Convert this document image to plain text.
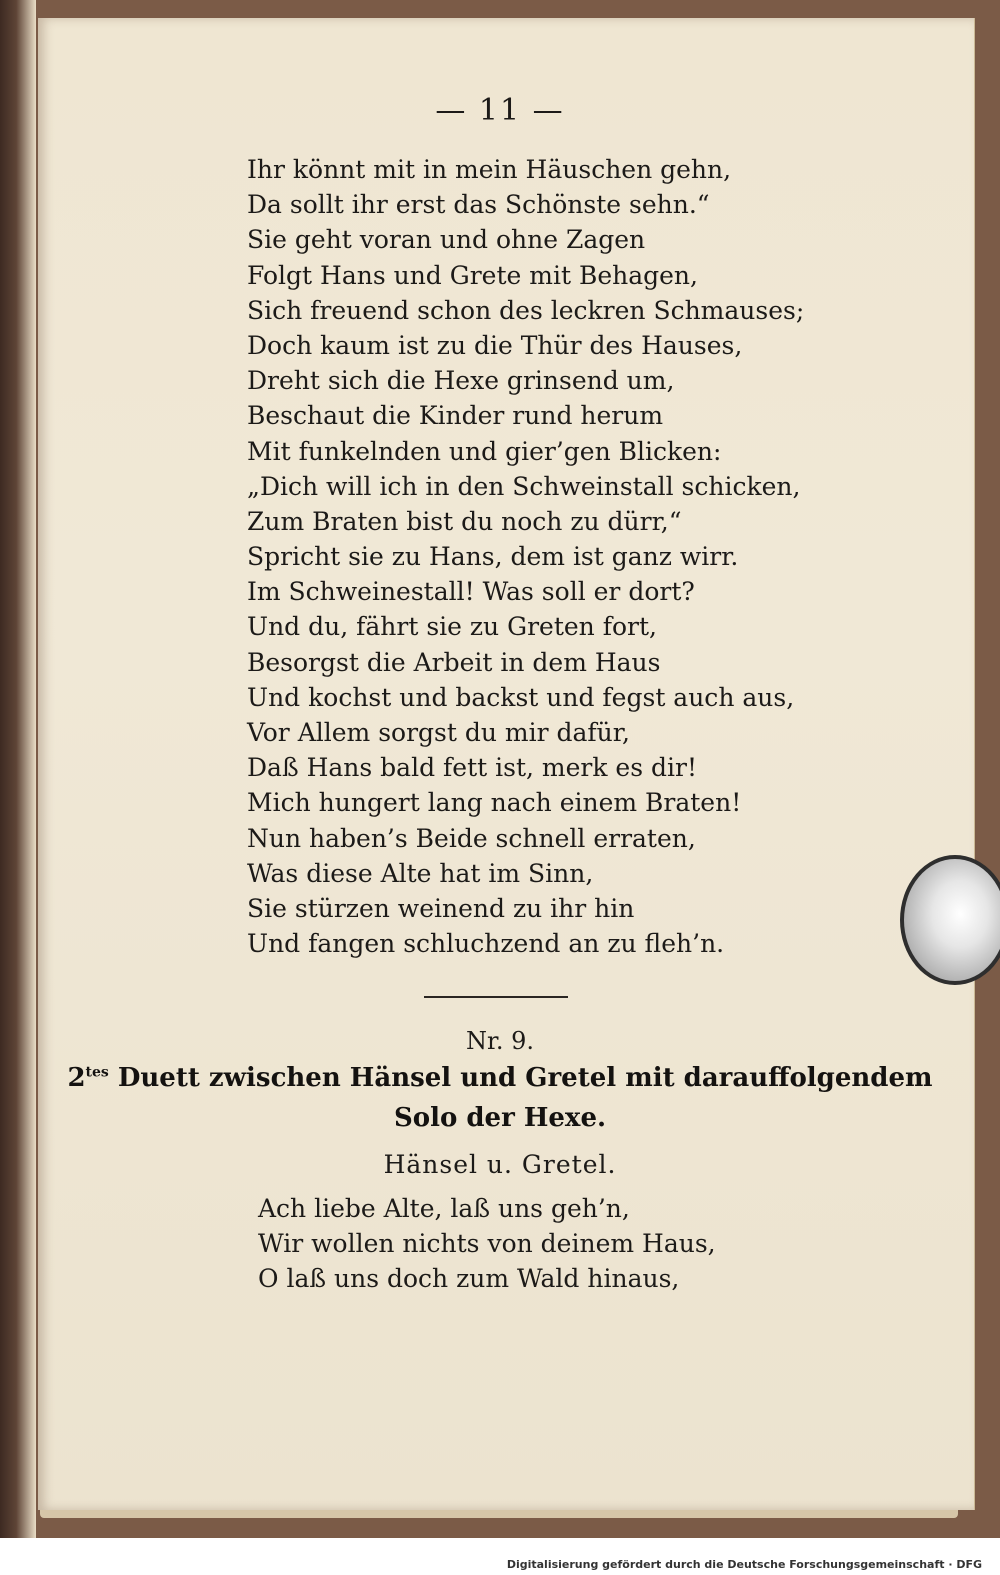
— 11 —
Ihr könnt mit in mein Häuschen gehn,
Da sollt ihr erst das Schönste sehn.“
Sie geht voran und ohne Zagen
Folgt Hans und Grete mit Behagen,
Sich freuend schon des leckren Schmauses;
Doch kaum ist zu die Thür des Hauses,
Dreht sich die Hexe grinsend um,
Beschaut die Kinder rund herum
Mit funkelnden und gier’gen Blicken:
„Dich will ich in den Schweinstall schicken,
Zum Braten bist du noch zu dürr,“
Spricht sie zu Hans, dem ist ganz wirr.
Im Schweinestall! Was soll er dort?
Und du, fährt sie zu Greten fort,
Besorgst die Arbeit in dem Haus
Und kochst und backst und fegst auch aus,
Vor Allem sorgst du mir dafür,
Daß Hans bald fett ist, merk es dir!
Mich hungert lang nach einem Braten!
Nun haben’s Beide schnell erraten,
Was diese Alte hat im Sinn,
Sie stürzen weinend zu ihr hin
Und fangen schluchzend an zu fleh’n.
Nr. 9.
$2^{tes}$ Duett zwischen Hänsel und Gretel mit darauffolgendem
Solo der Hexe.
Hänsel u. Gretel.
Ach liebe Alte, laß uns geh’n,
Wir wollen nichts von deinem Haus,
O laß uns doch zum Wald hinaus,
Digitalisierung gefördert durch die Deutsche Forschungsgemeinschaft · DFG
